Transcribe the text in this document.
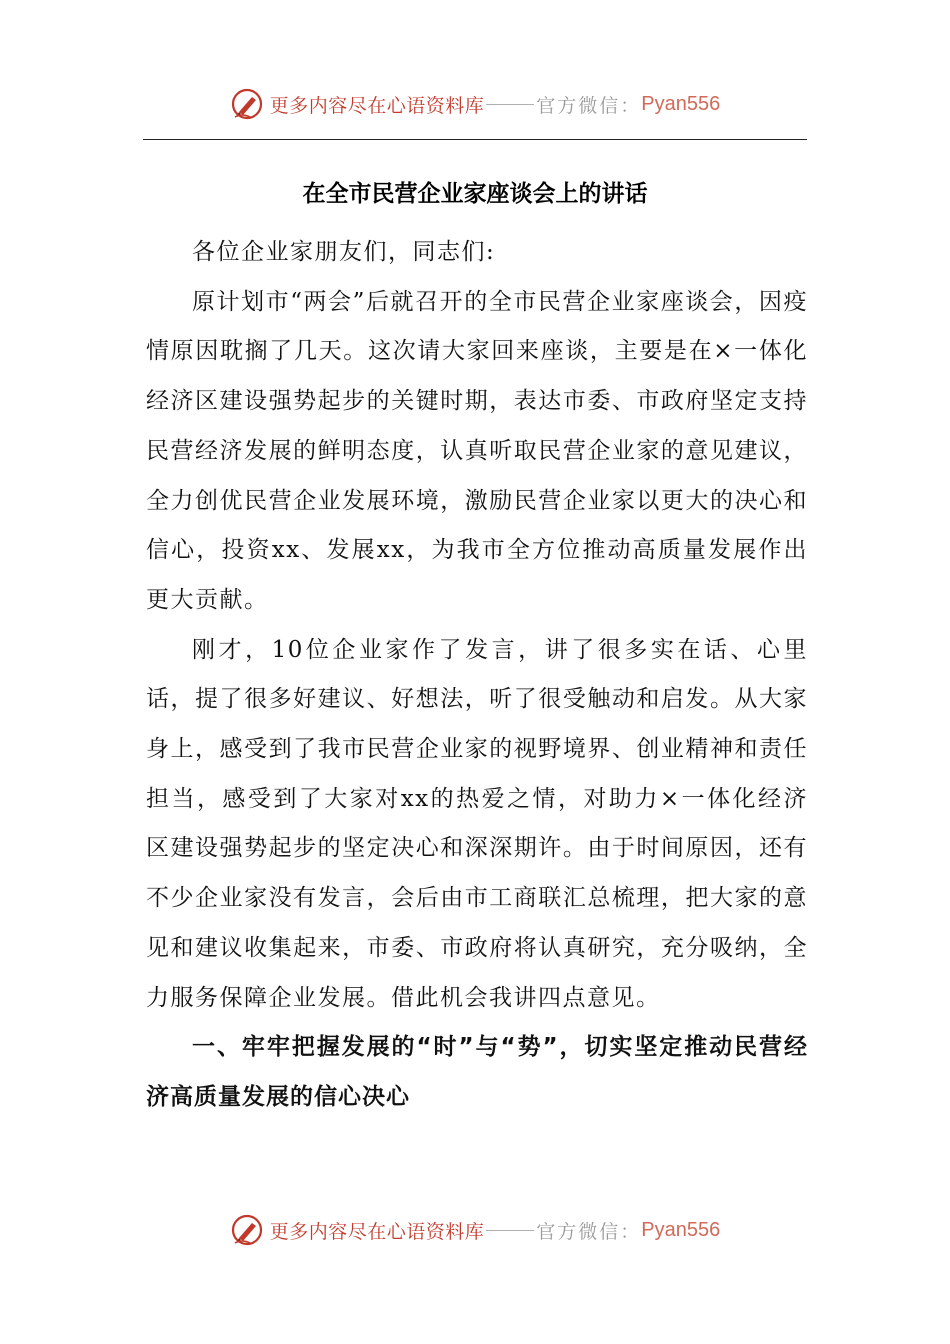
更多内容尽在心语资料库	官方微信： Pyan556
在全市民营企业家座谈会上的讲话

各位企业家朋友们，同志们:

原计划市“两会”后就召开的全市民营企业家座谈会，因疫情原因耽搁了几天。这次请大家回来座谈，主要是在×一体化经济区建设强势起步的关键时期，表达市委、市政府坚定支持民营经济发展的鲜明态度，认真听取民营企业家的意见建议，全力创优民营企业发展环境，激励民营企业家以更大的决心和信心，投资xx、发展xx，为我市全方位推动高质量发展作出更大贡献。

刚才，10位企业家作了发言，讲了很多实在话、心里话，提了很多好建议、好想法，听了很受触动和启发。从大家身上，感受到了我市民营企业家的视野境界、创业精神和责任担当，感受到了大家对xx的热爱之情，对助力×一体化经济区建设强势起步的坚定决心和深深期许。由于时间原因，还有不少企业家没有发言，会后由市工商联汇总梳理，把大家的意见和建议收集起来，市委、市政府将认真研究，充分吸纳，全力服务保障企业发展。借此机会我讲四点意见。

一、牢牢把握发展的“时”与“势”，切实坚定推动民营经济高质量发展的信心决心

更多内容尽在心语资料库	官方微信： Pyan556
